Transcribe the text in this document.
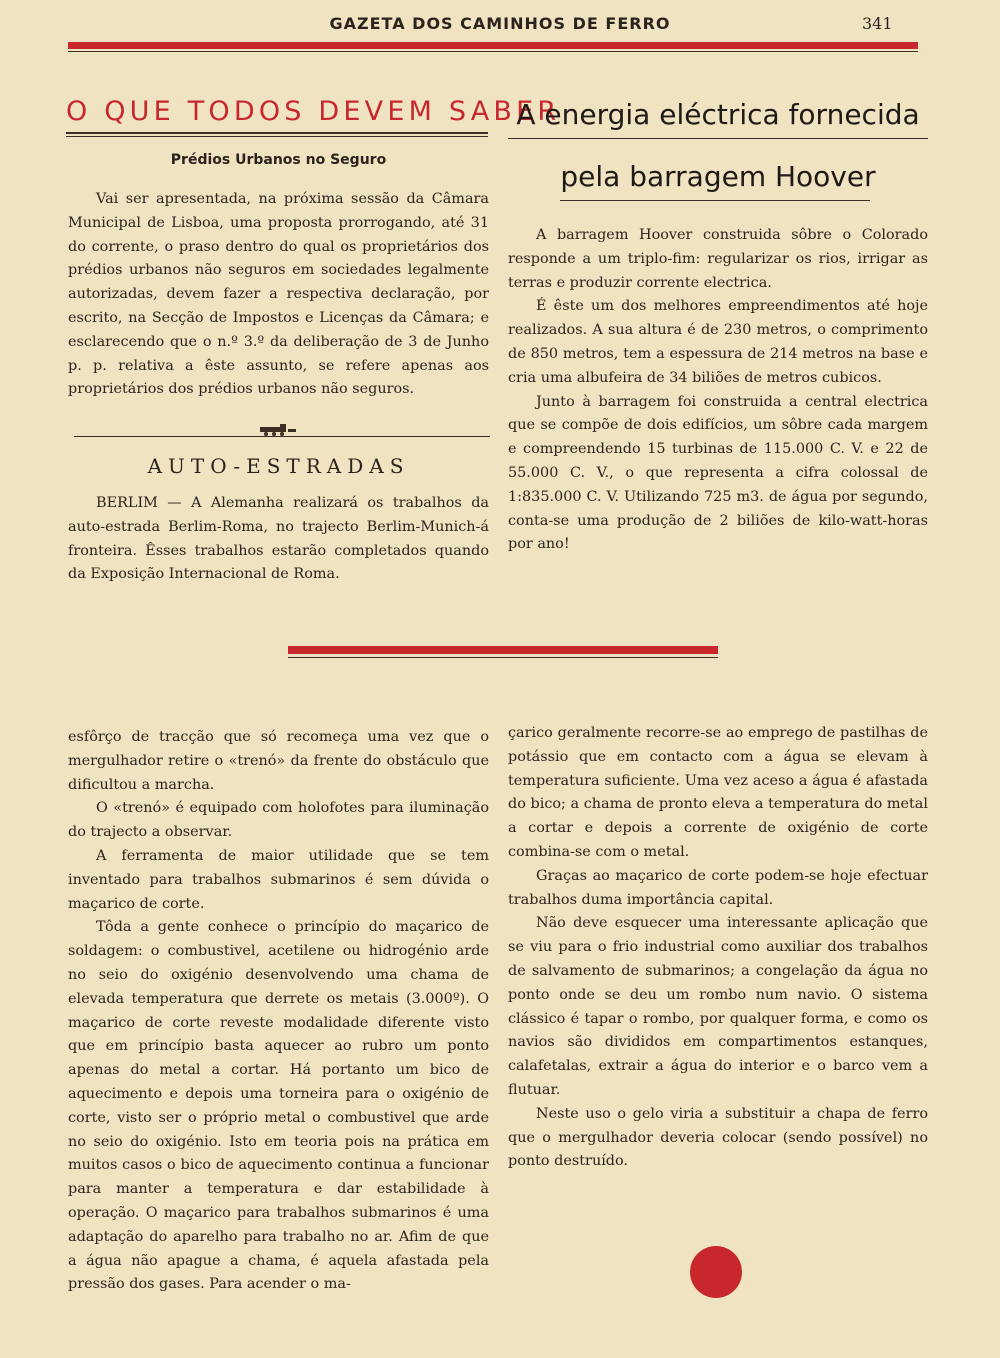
GAZETA DOS CAMINHOS DE FERRO	341
O QUE TODOS DEVEM SABER
Prédios Urbanos no Seguro

Vai ser apresentada, na próxima sessão da Câmara Municipal de Lisboa, uma proposta prorrogando, até 31 do corrente, o praso dentro do qual os proprietários dos prédios urbanos não seguros em sociedades legalmente autorizadas, devem fazer a respectiva declaração, por escrito, na Secção de Impostos e Licenças da Câmara; e esclarecendo que o n.º 3.º da deliberação de 3 de Junho p. p. relativa a êste assunto, se refere apenas aos proprietários dos prédios urbanos não seguros.

AUTO-ESTRADAS

BERLIM — A Alemanha realizará os trabalhos da auto-estrada Berlim-Roma, no trajecto Berlim-Munich-á fronteira. Êsses trabalhos estarão completados quando da Exposição Internacional de Roma.

A energia eléctrica fornecida
pela barragem Hoover

A barragem Hoover construida sôbre o Colorado responde a um triplo-fim: regularizar os rios, irrigar as terras e produzir corrente electrica.

É êste um dos melhores empreendimentos até hoje realizados. A sua altura é de 230 metros, o comprimento de 850 metros, tem a espessura de 214 metros na base e cria uma albufeira de 34 biliões de metros cubicos.

Junto à barragem foi construida a central electrica que se compõe de dois edifícios, um sôbre cada margem e compreendendo 15 turbinas de 115.000 C. V. e 22 de 55.000 C. V., o que representa a cifra colossal de 1:835.000 C. V. Utilizando 725 m3. de água por segundo, conta-se uma produção de 2 biliões de kilo-watt-horas por ano!

esfôrço de tracção que só recomeça uma vez que o mergulhador retire o «trenó» da frente do obstáculo que dificultou a marcha.

O «trenó» é equipado com holofotes para iluminação do trajecto a observar.

A ferramenta de maior utilidade que se tem inventado para trabalhos submarinos é sem dúvida o maçarico de corte.

Tôda a gente conhece o princípio do maçarico de soldagem: o combustivel, acetilene ou hidrogénio arde no seio do oxigénio desenvolvendo uma chama de elevada temperatura que derrete os metais (3.000º). O maçarico de corte reveste modalidade diferente visto que em princípio basta aquecer ao rubro um ponto apenas do metal a cortar. Há portanto um bico de aquecimento e depois uma torneira para o oxigénio de corte, visto ser o próprio metal o combustivel que arde no seio do oxigénio. Isto em teoria pois na prática em muitos casos o bico de aquecimento continua a funcionar para manter a temperatura e dar estabilidade à operação. O maçarico para trabalhos submarinos é uma adaptação do aparelho para trabalho no ar. Afim de que a água não apague a chama, é aquela afastada pela pressão dos gases. Para acender o ma-

çarico geralmente recorre-se ao emprego de pastilhas de potássio que em contacto com a água se elevam à temperatura suficiente. Uma vez aceso a água é afastada do bico; a chama de pronto eleva a temperatura do metal a cortar e depois a corrente de oxigénio de corte combina-se com o metal.

Graças ao maçarico de corte podem-se hoje efectuar trabalhos duma importância capital.

Não deve esquecer uma interessante aplicação que se viu para o frio industrial como auxiliar dos trabalhos de salvamento de submarinos; a congelação da água no ponto onde se deu um rombo num navio. O sistema clássico é tapar o rombo, por qualquer forma, e como os navios são divididos em compartimentos estanques, calafetalas, extrair a água do interior e o barco vem a flutuar.

Neste uso o gelo viria a substituir a chapa de ferro que o mergulhador deveria colocar (sendo possível) no ponto destruído.
